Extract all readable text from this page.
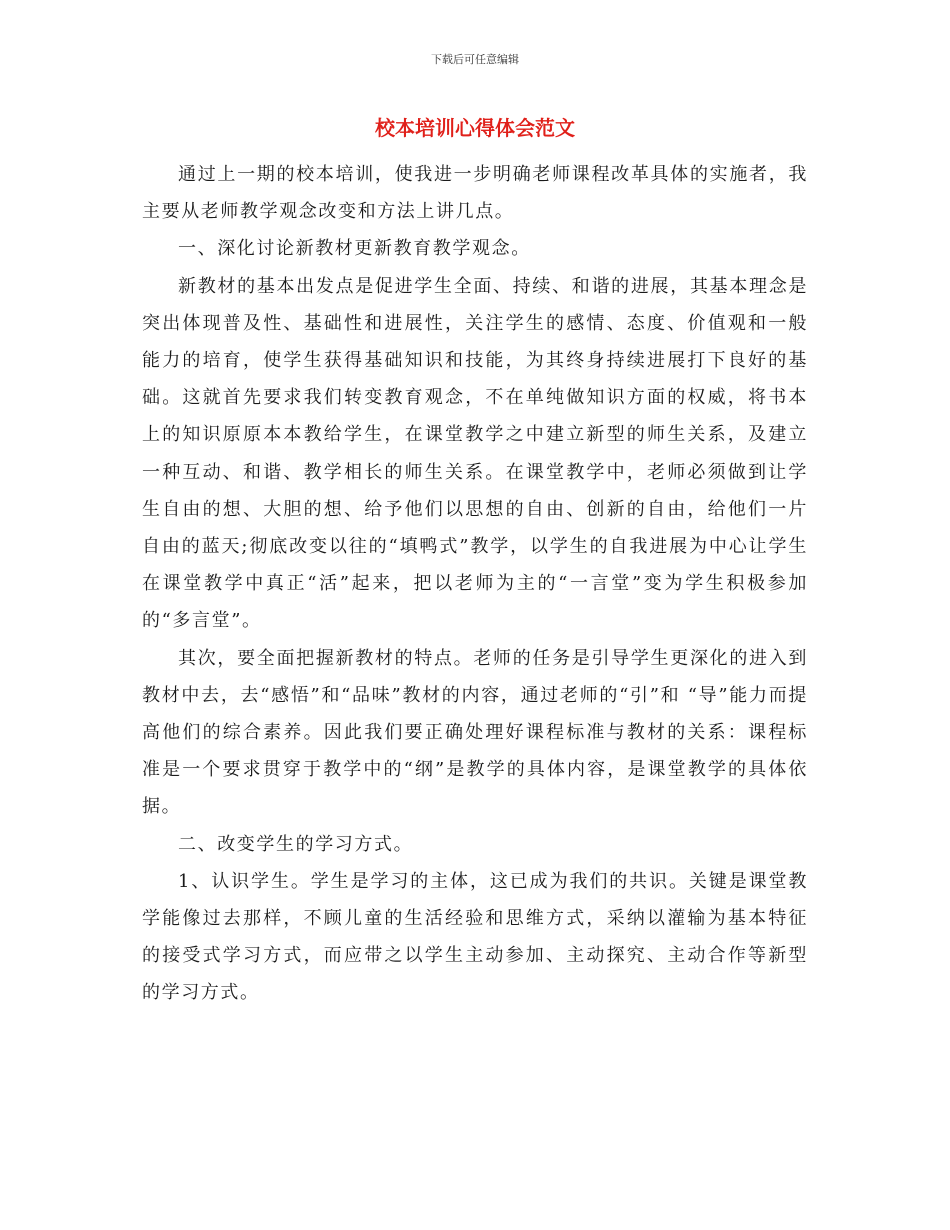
下载后可任意编辑
校本培训心得体会范文

通过上一期的校本培训，使我进一步明确老师课程改革具体的实施者，我主要从老师教学观念改变和方法上讲几点。

一、深化讨论新教材更新教育教学观念。

新教材的基本出发点是促进学生全面、持续、和谐的进展，其基本理念是突出体现普及性、基础性和进展性，关注学生的感情、态度、价值观和一般能力的培育，使学生获得基础知识和技能，为其终身持续进展打下良好的基础。这就首先要求我们转变教育观念，不在单纯做知识方面的权威，将书本上的知识原原本本教给学生，在课堂教学之中建立新型的师生关系，及建立一种互动、和谐、教学相长的师生关系。在课堂教学中，老师必须做到让学生自由的想、大胆的想、给予他们以思想的自由、创新的自由，给他们一片自由的蓝天;彻底改变以往的“填鸭式”教学，以学生的自我进展为中心让学生在课堂教学中真正“活”起来，把以老师为主的“一言堂”变为学生积极参加的“多言堂”。

其次，要全面把握新教材的特点。老师的任务是引导学生更深化的进入到教材中去，去“感悟”和“品味”教材的内容，通过老师的“引”和 “导”能力而提高他们的综合素养。因此我们要正确处理好课程标准与教材的关系：课程标准是一个要求贯穿于教学中的“纲”是教学的具体内容，是课堂教学的具体依据。

二、改变学生的学习方式。

1、认识学生。学生是学习的主体，这已成为我们的共识。关键是课堂教学能像过去那样，不顾儿童的生活经验和思维方式，采纳以灌输为基本特征的接受式学习方式，而应带之以学生主动参加、主动探究、主动合作等新型的学习方式。
